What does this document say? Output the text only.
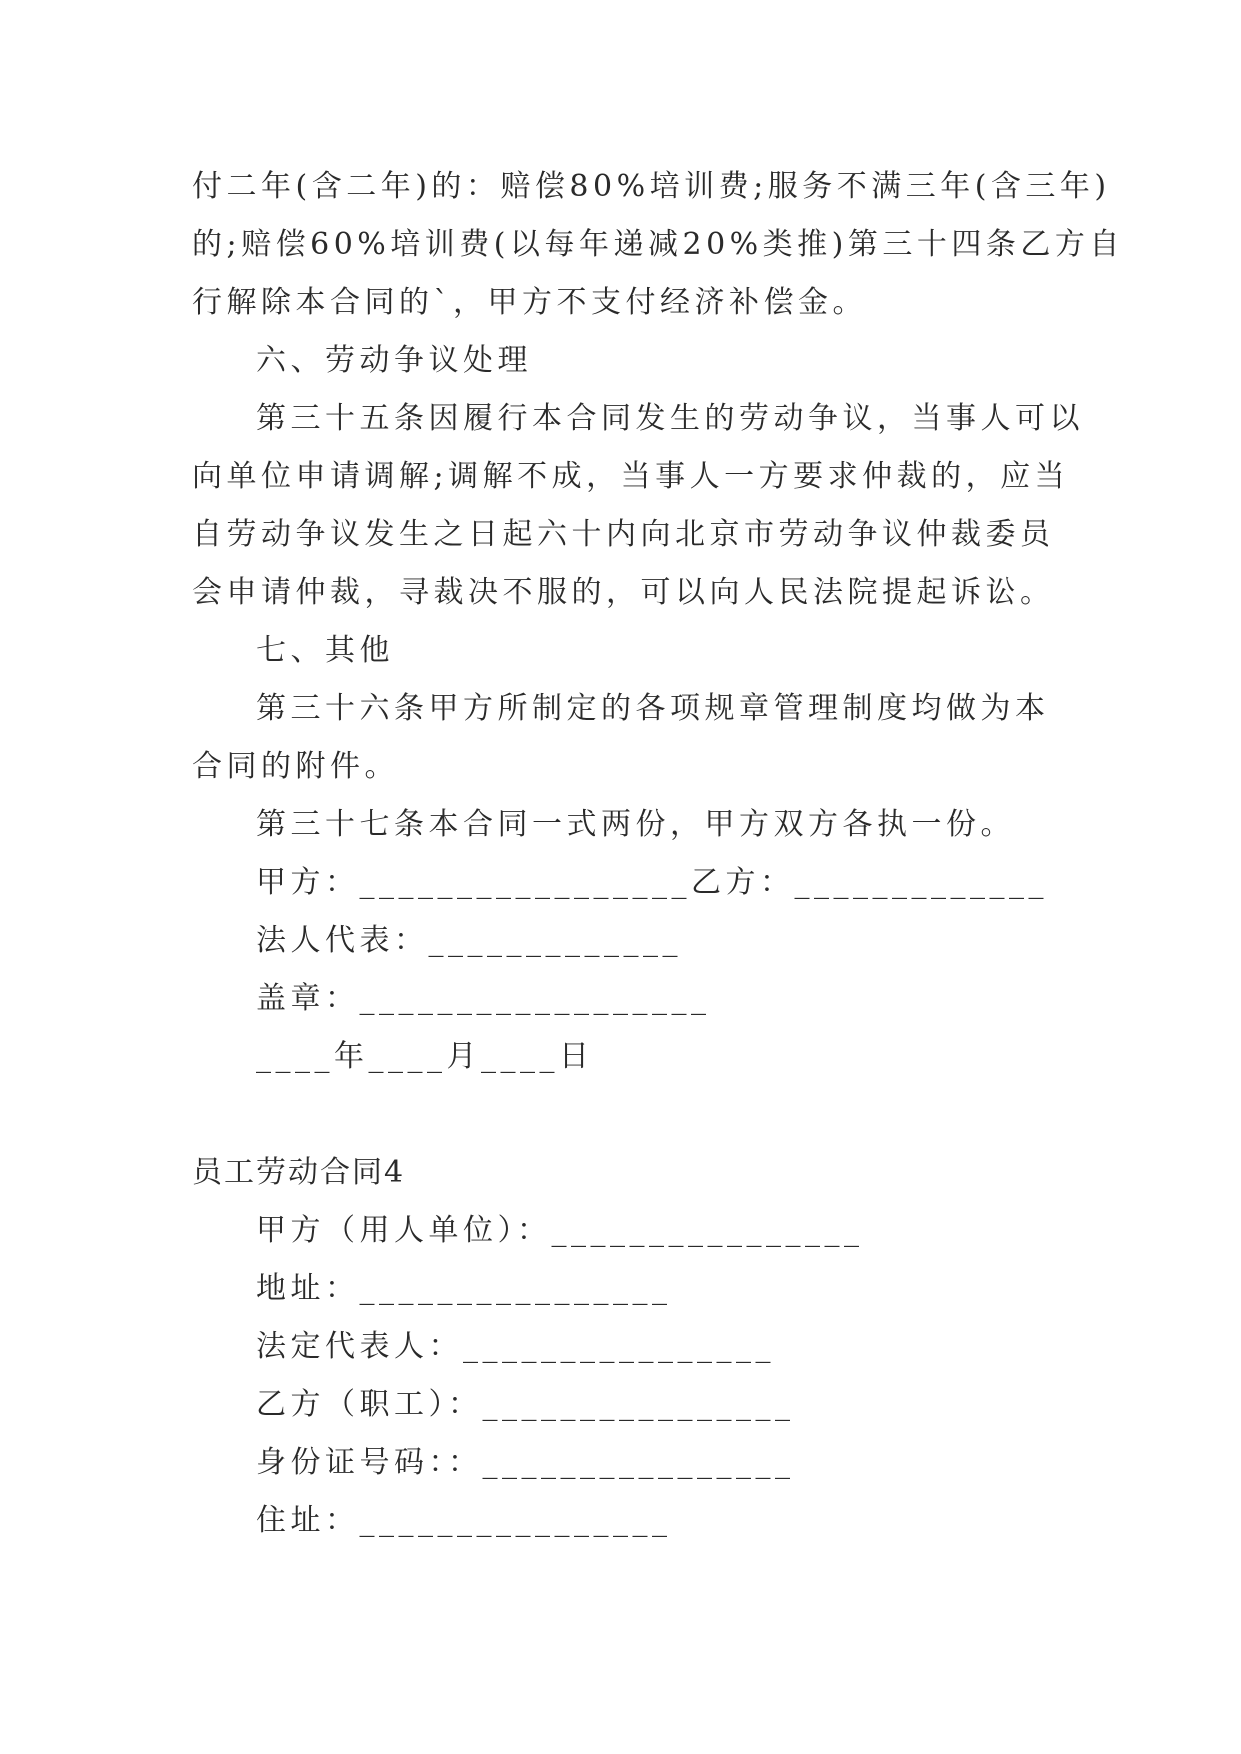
付二年(含二年)的：赔偿80%培训费;服务不满三年(含三年)
的;赔偿60%培训费(以每年递减20%类推)第三十四条乙方自
行解除本合同的`，甲方不支付经济补偿金。
六、劳动争议处理
第三十五条因履行本合同发生的劳动争议，当事人可以
向单位申请调解;调解不成，当事人一方要求仲裁的，应当
自劳动争议发生之日起六十内向北京市劳动争议仲裁委员
会申请仲裁，寻裁决不服的，可以向人民法院提起诉讼。
七、其他
第三十六条甲方所制定的各项规章管理制度均做为本
合同的附件。
第三十七条本合同一式两份，甲方双方各执一份。
甲方：_________________乙方：_____________
法人代表：_____________
盖章：__________________
____年____月____日
员工劳动合同4
甲方（用人单位）：________________
地址：________________
法定代表人：________________
乙方（职工）：________________
身份证号码：：________________
住址：________________
